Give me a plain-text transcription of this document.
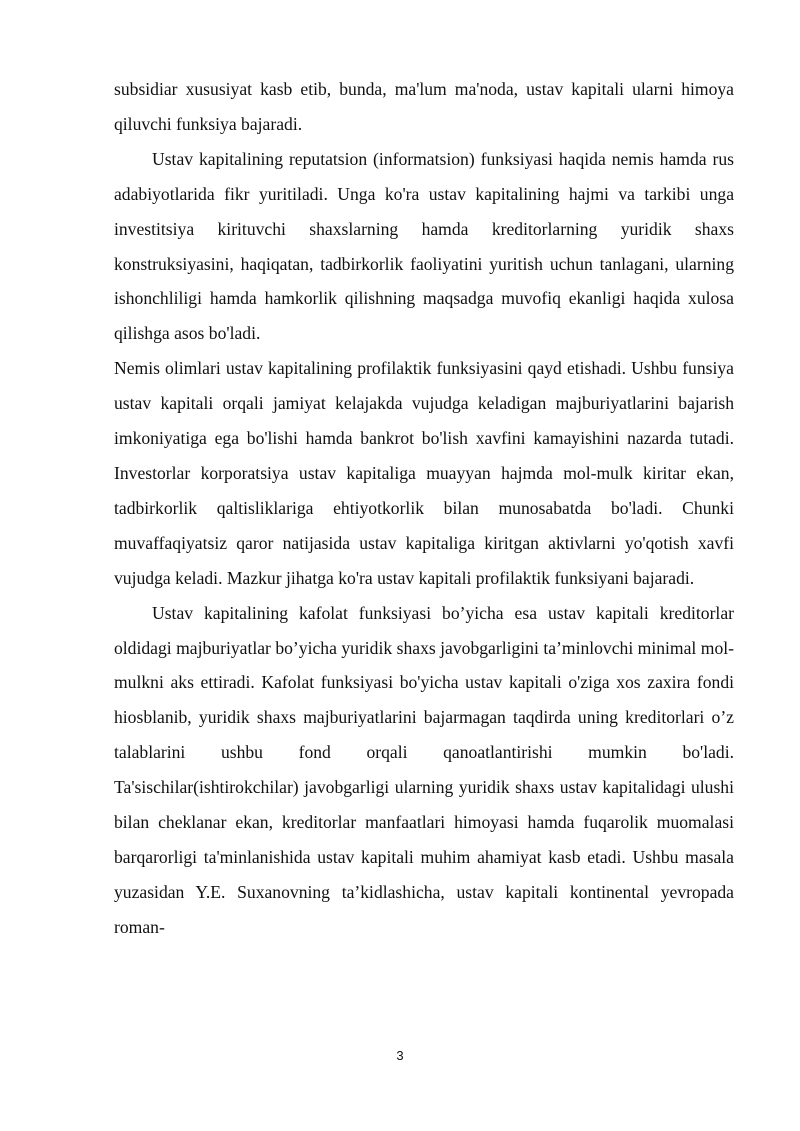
subsidiar xususiyat kasb etib, bunda, ma'lum ma'noda, ustav kapitali ularni himoya qiluvchi funksiya bajaradi.

Ustav kapitalining reputatsion (informatsion) funksiyasi haqida nemis hamda rus adabiyotlarida fikr yuritiladi. Unga ko'ra ustav kapitalining hajmi va tarkibi unga investitsiya kirituvchi shaxslarning hamda kreditorlarning yuridik shaxs konstruksiyasini, haqiqatan, tadbirkorlik faoliyatini yuritish uchun tanlagani, ularning ishonchliligi hamda hamkorlik qilishning maqsadga muvofiq ekanligi haqida xulosa qilishga asos bo'ladi.

Nemis olimlari ustav kapitalining profilaktik funksiyasini qayd etishadi. Ushbu funsiya ustav kapitali orqali jamiyat kelajakda vujudga keladigan majburiyatlarini bajarish imkoniyatiga ega bo'lishi hamda bankrot bo'lish xavfini kamayishini nazarda tutadi. Investorlar korporatsiya ustav kapitaliga muayyan hajmda mol-mulk kiritar ekan, tadbirkorlik qaltisliklariga ehtiyotkorlik bilan munosabatda bo'ladi. Chunki muvaffaqiyatsiz qaror natijasida ustav kapitaliga kiritgan aktivlarni yo'qotish xavfi vujudga keladi. Mazkur jihatga ko'ra ustav kapitali profilaktik funksiyani bajaradi.

Ustav kapitalining kafolat funksiyasi bo’yicha esa ustav kapitali kreditorlar oldidagi majburiyatlar bo’yicha yuridik shaxs javobgarligini ta’minlovchi minimal mol-mulkni aks ettiradi. Kafolat funksiyasi bo'yicha ustav kapitali o'ziga xos zaxira fondi hiosblanib, yuridik shaxs majburiyatlarini bajarmagan taqdirda uning kreditorlari o’z talablarini ushbu fond orqali qanoatlantirishi mumkin bo'ladi. Ta'sischilar(ishtirokchilar) javobgarligi ularning yuridik shaxs ustav kapitalidagi ulushi bilan cheklanar ekan, kreditorlar manfaatlari himoyasi hamda fuqarolik muomalasi barqarorligi ta'minlanishida ustav kapitali muhim ahamiyat kasb etadi. Ushbu masala yuzasidan Y.E. Suxanovning ta’kidlashicha, ustav kapitali kontinental yevropada roman-

3
